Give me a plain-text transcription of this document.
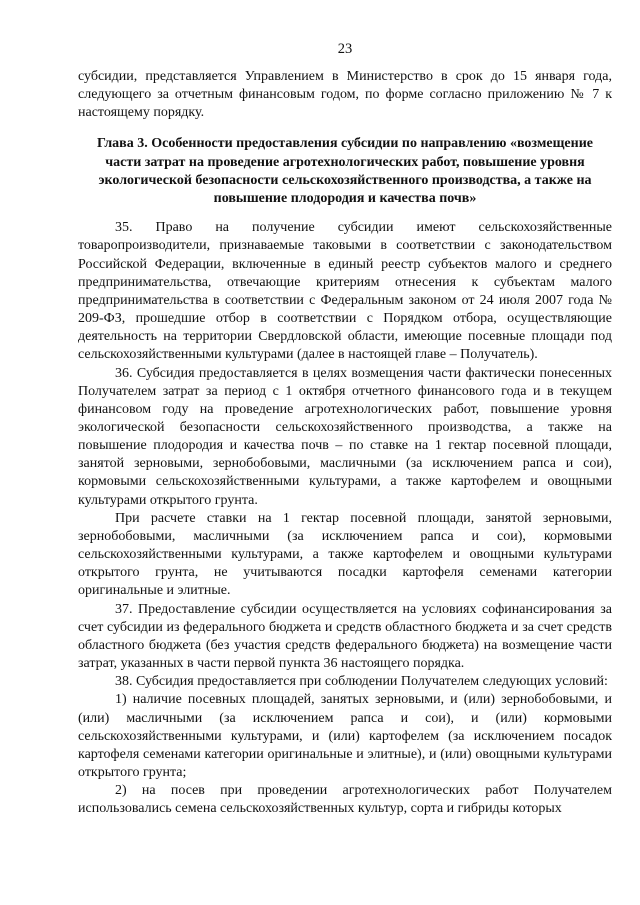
23

субсидии, представляется Управлением в Министерство в срок до 15 января года, следующего за отчетным финансовым годом, по форме согласно приложению № 7 к настоящему порядку.

Глава 3. Особенности предоставления субсидии по направлению «возмещение части затрат на проведение агротехнологических работ, повышение уровня экологической безопасности сельскохозяйственного производства, а также на повышение плодородия и качества почв»

35. Право на получение субсидии имеют сельскохозяйственные товаропроизводители, признаваемые таковыми в соответствии с законодательством Российской Федерации, включенные в единый реестр субъектов малого и среднего предпринимательства, отвечающие критериям отнесения к субъектам малого предпринимательства в соответствии с Федеральным законом от 24 июля 2007 года № 209-ФЗ, прошедшие отбор в соответствии с Порядком отбора, осуществляющие деятельность на территории Свердловской области, имеющие посевные площади под сельскохозяйственными культурами (далее в настоящей главе – Получатель).

36. Субсидия предоставляется в целях возмещения части фактически понесенных Получателем затрат за период с 1 октября отчетного финансового года и в текущем финансовом году на проведение агротехнологических работ, повышение уровня экологической безопасности сельскохозяйственного производства, а также на повышение плодородия и качества почв – по ставке на 1 гектар посевной площади, занятой зерновыми, зернобобовыми, масличными (за исключением рапса и сои), кормовыми сельскохозяйственными культурами, а также картофелем и овощными культурами открытого грунта.

При расчете ставки на 1 гектар посевной площади, занятой зерновыми, зернобобовыми, масличными (за исключением рапса и сои), кормовыми сельскохозяйственными культурами, а также картофелем и овощными культурами открытого грунта, не учитываются посадки картофеля семенами категории оригинальные и элитные.

37. Предоставление субсидии осуществляется на условиях софинансирования за счет субсидии из федерального бюджета и средств областного бюджета и за счет средств областного бюджета (без участия средств федерального бюджета) на возмещение части затрат, указанных в части первой пункта 36 настоящего порядка.

38. Субсидия предоставляется при соблюдении Получателем следующих условий:

1) наличие посевных площадей, занятых зерновыми, и (или) зернобобовыми, и (или) масличными (за исключением рапса и сои), и (или) кормовыми сельскохозяйственными культурами, и (или) картофелем (за исключением посадок картофеля семенами категории оригинальные и элитные), и (или) овощными культурами открытого грунта;

2) на посев при проведении агротехнологических работ Получателем использовались семена сельскохозяйственных культур, сорта и гибриды которых
